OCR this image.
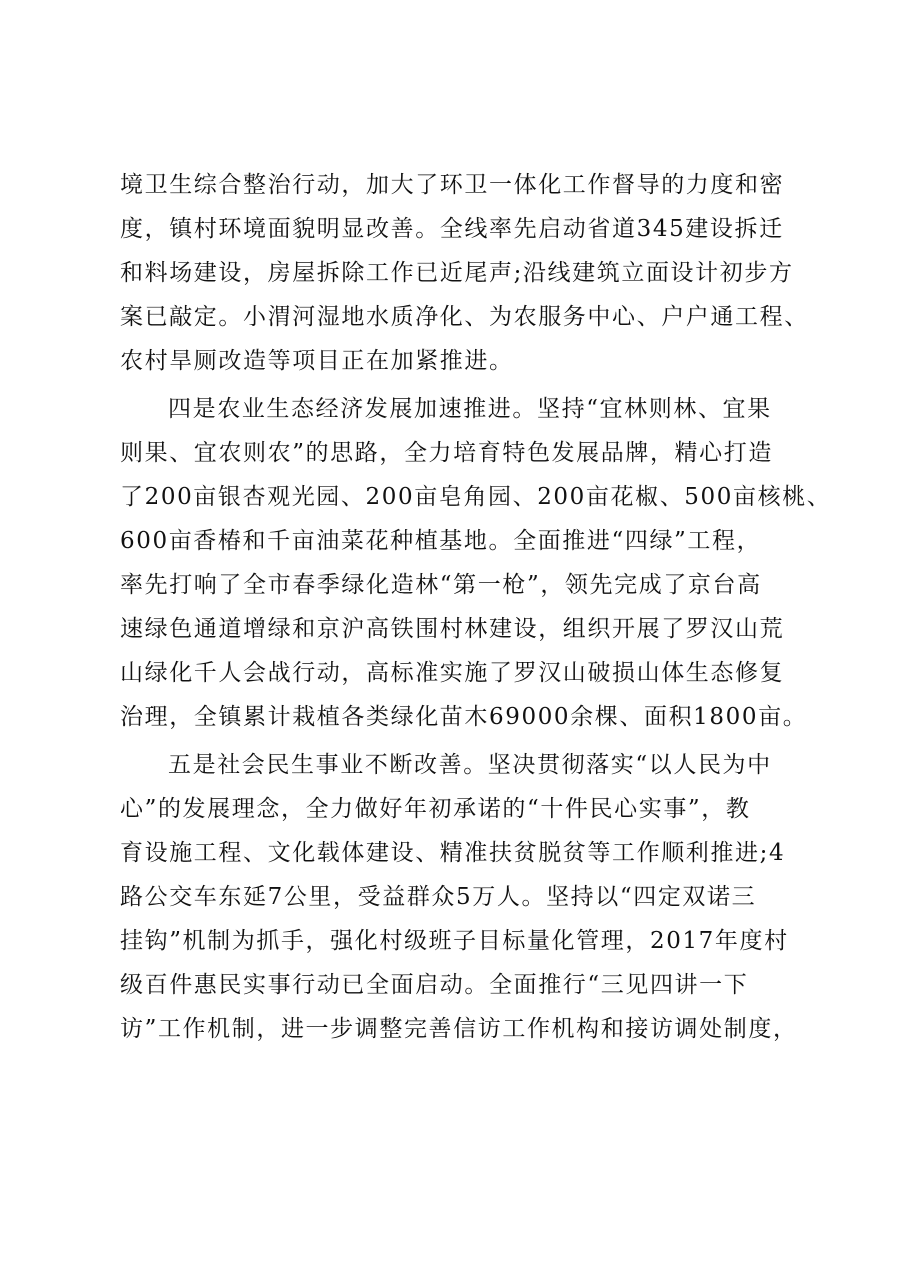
境卫生综合整治行动，加大了环卫一体化工作督导的力度和密

度，镇村环境面貌明显改善。全线率先启动省道345建设拆迁

和料场建设，房屋拆除工作已近尾声;沿线建筑立面设计初步方

案已敲定。小渭河湿地水质净化、为农服务中心、户户通工程、

农村旱厕改造等项目正在加紧推进。

四是农业生态经济发展加速推进。坚持“宜林则林、宜果

则果、宜农则农”的思路，全力培育特色发展品牌，精心打造

了200亩银杏观光园、200亩皂角园、200亩花椒、500亩核桃、

600亩香椿和千亩油菜花种植基地。全面推进“四绿”工程，

率先打响了全市春季绿化造林“第一枪”，领先完成了京台高

速绿色通道增绿和京沪高铁围村林建设，组织开展了罗汉山荒

山绿化千人会战行动，高标准实施了罗汉山破损山体生态修复

治理，全镇累计栽植各类绿化苗木69000余棵、面积1800亩。

五是社会民生事业不断改善。坚决贯彻落实“以人民为中

心”的发展理念，全力做好年初承诺的“十件民心实事”，教

育设施工程、文化载体建设、精准扶贫脱贫等工作顺利推进;4

路公交车东延7公里，受益群众5万人。坚持以“四定双诺三

挂钩”机制为抓手，强化村级班子目标量化管理，2017年度村

级百件惠民实事行动已全面启动。全面推行“三见四讲一下

访”工作机制，进一步调整完善信访工作机构和接访调处制度，
